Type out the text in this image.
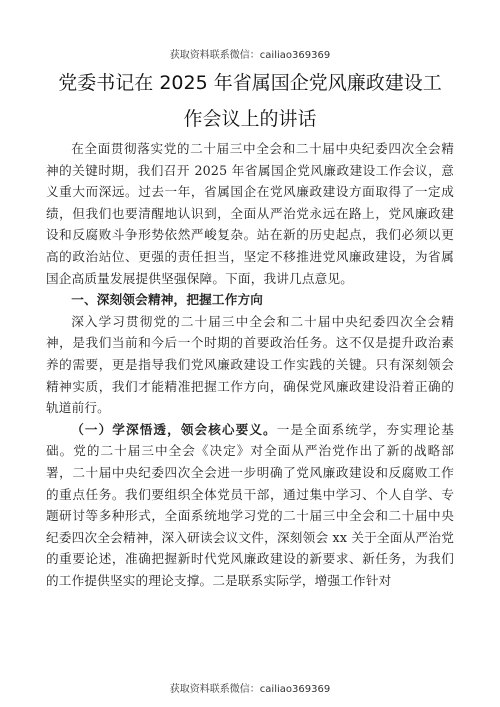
获取资料联系微信：cailiao369369
党委书记在 2025 年省属国企党风廉政建设工
作会议上的讲话

在全面贯彻落实党的二十届三中全会和二十届中央纪委四次全会精神的关键时期，我们召开 2025 年省属国企党风廉政建设工作会议，意义重大而深远。过去一年，省属国企在党风廉政建设方面取得了一定成绩，但我们也要清醒地认识到，全面从严治党永远在路上，党风廉政建设和反腐败斗争形势依然严峻复杂。站在新的历史起点，我们必须以更高的政治站位、更强的责任担当，坚定不移推进党风廉政建设，为省属国企高质量发展提供坚强保障。下面，我讲几点意见。

一、深刻领会精神，把握工作方向

深入学习贯彻党的二十届三中全会和二十届中央纪委四次全会精神，是我们当前和今后一个时期的首要政治任务。这不仅是提升政治素养的需要，更是指导我们党风廉政建设工作实践的关键。只有深刻领会精神实质，我们才能精准把握工作方向，确保党风廉政建设沿着正确的轨道前行。

（一）学深悟透，领会核心要义。一是全面系统学，夯实理论基础。党的二十届三中全会《决定》对全面从严治党作出了新的战略部署，二十届中央纪委四次全会进一步明确了党风廉政建设和反腐败工作的重点任务。我们要组织全体党员干部，通过集中学习、个人自学、专题研讨等多种形式，全面系统地学习党的二十届三中全会和二十届中央纪委四次全会精神，深入研读会议文件，深刻领会 xx 关于全面从严治党的重要论述，准确把握新时代党风廉政建设的新要求、新任务，为我们的工作提供坚实的理论支撑。二是联系实际学，增强工作针对

获取资料联系微信：cailiao369369
